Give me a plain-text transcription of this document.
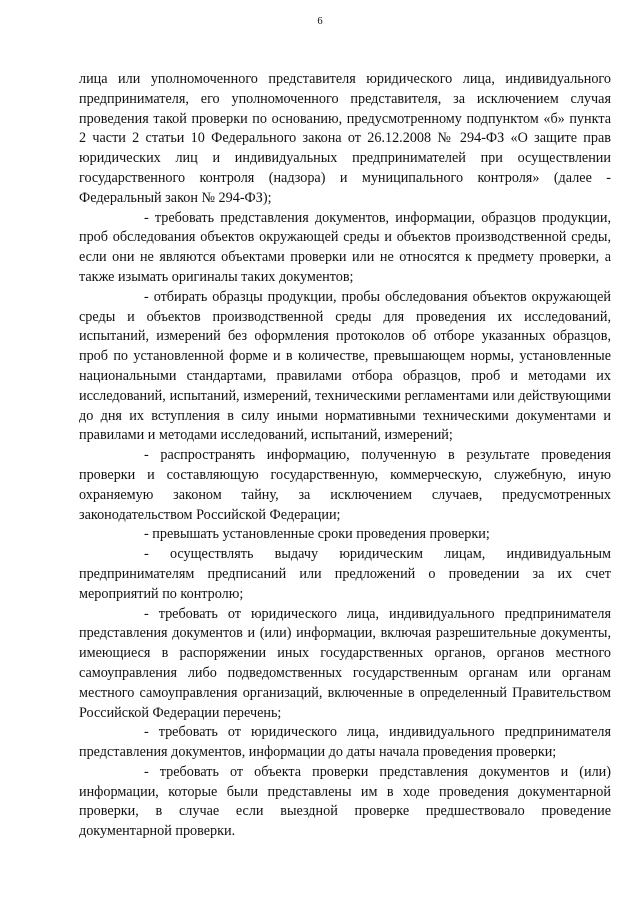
6

лица или уполномоченного представителя юридического лица, индивидуального предпринимателя, его уполномоченного представителя, за исключением случая проведения такой проверки по основанию, предусмотренному подпунктом «б» пункта 2 части 2 статьи 10 Федерального закона от 26.12.2008 № 294-ФЗ «О защите прав юридических лиц и индивидуальных предпринимателей при осуществлении государственного контроля (надзора) и муниципального контроля» (далее - Федеральный закон № 294-ФЗ);

- требовать представления документов, информации, образцов продукции, проб обследования объектов окружающей среды и объектов производственной среды, если они не являются объектами проверки или не относятся к предмету проверки, а также изымать оригиналы таких документов;

- отбирать образцы продукции, пробы обследования объектов окружающей среды и объектов производственной среды для проведения их исследований, испытаний, измерений без оформления протоколов об отборе указанных образцов, проб по установленной форме и в количестве, превышающем нормы, установленные национальными стандартами, правилами отбора образцов, проб и методами их исследований, испытаний, измерений, техническими регламентами или действующими до дня их вступления в силу иными нормативными техническими документами и правилами и методами исследований, испытаний, измерений;

- распространять информацию, полученную в результате проведения проверки и составляющую государственную, коммерческую, служебную, иную охраняемую законом тайну, за исключением случаев, предусмотренных законодательством Российской Федерации;

- превышать установленные сроки проведения проверки;

- осуществлять выдачу юридическим лицам, индивидуальным предпринимателям предписаний или предложений о проведении за их счет мероприятий по контролю;

- требовать от юридического лица, индивидуального предпринимателя представления документов и (или) информации, включая разрешительные документы, имеющиеся в распоряжении иных государственных органов, органов местного самоуправления либо подведомственных государственным органам или органам местного самоуправления организаций, включенные в определенный Правительством Российской Федерации перечень;

- требовать от юридического лица, индивидуального предпринимателя представления документов, информации до даты начала проведения проверки;

- требовать от объекта проверки представления документов и (или) информации, которые были представлены им в ходе проведения документарной проверки, в случае если выездной проверке предшествовало проведение документарной проверки.
